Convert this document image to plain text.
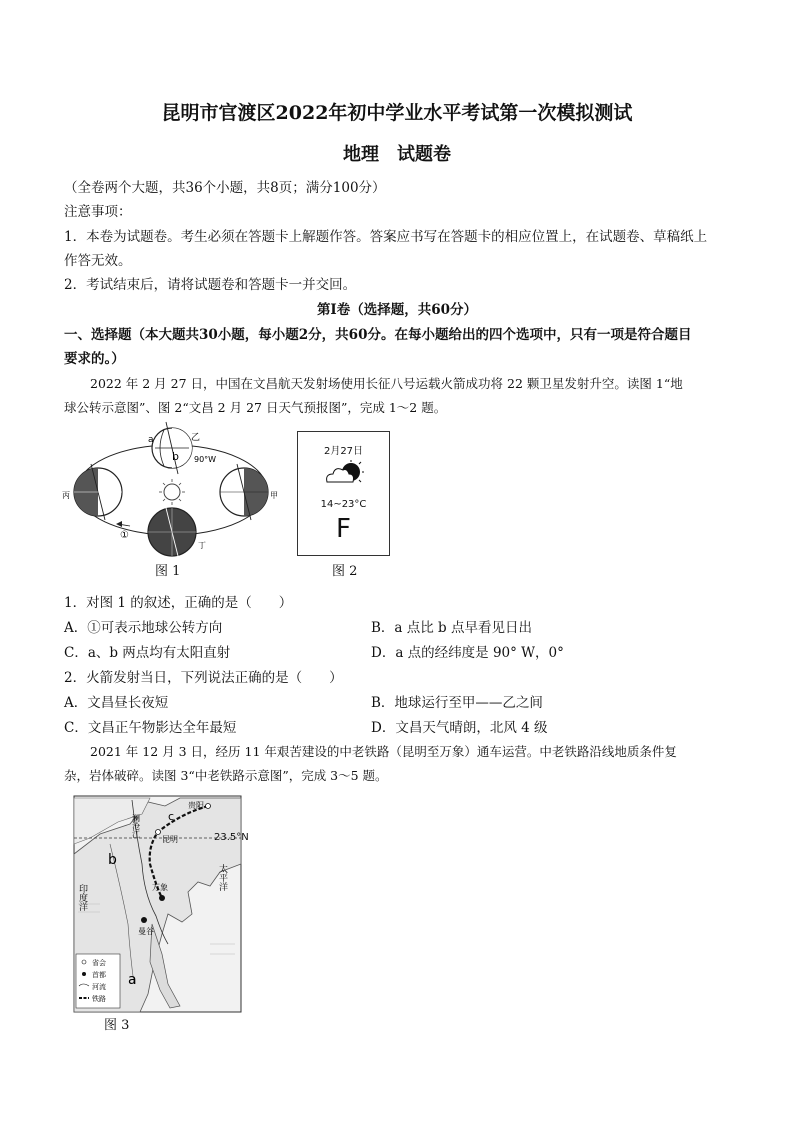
昆明市官渡区2022年初中学业水平考试第一次模拟测试
地理　试题卷
（全卷两个大题，共36个小题，共8页；满分100分）
注意事项：
1．本卷为试题卷。考生必须在答题卡上解题作答。答案应书写在答题卡的相应位置上，在试题卷、草稿纸上
作答无效。
2．考试结束后，请将试题卷和答题卡一并交回。
第Ⅰ卷（选择题，共60分）
一、选择题（本大题共30小题，每小题2分，共60分。在每小题给出的四个选项中，只有一项是符合题目
要求的。）
2022 年 2 月 27 日，中国在文昌航天发射场使用长征八号运载火箭成功将 22 颗卫星发射升空。读图 1“地
球公转示意图”、图 2“文昌 2 月 27 日天气预报图”，完成 1～2 题。
①
a
b
乙
90°W
甲
丙
丁
图 1
2月27日
14~23°C
F
图 2
1．对图 1 的叙述，正确的是（　　）
A．①可表示地球公转方向	B．a 点比 b 点早看见日出
C．a、b 两点均有太阳直射	D．a 点的经纬度是 90° W，0°
2．火箭发射当日，下列说法正确的是（　　）
A．文昌昼长夜短	B．地球运行至甲——乙之间
C．文昌正午物影达全年最短	D．文昌天气晴朗，北风 4 级
2021 年 12 月 3 日，经历 11 年艰苦建设的中老铁路（昆明至万象）通车运营。中老铁路沿线地质条件复
杂，岩体破碎。读图 3“中老铁路示意图”，完成 3～5 题。
c
b
a
贵阳
昆明
万象
曼谷
澜沧江
印度洋
太平洋
省会
首都
河流
铁路
23.5°N
图 3
